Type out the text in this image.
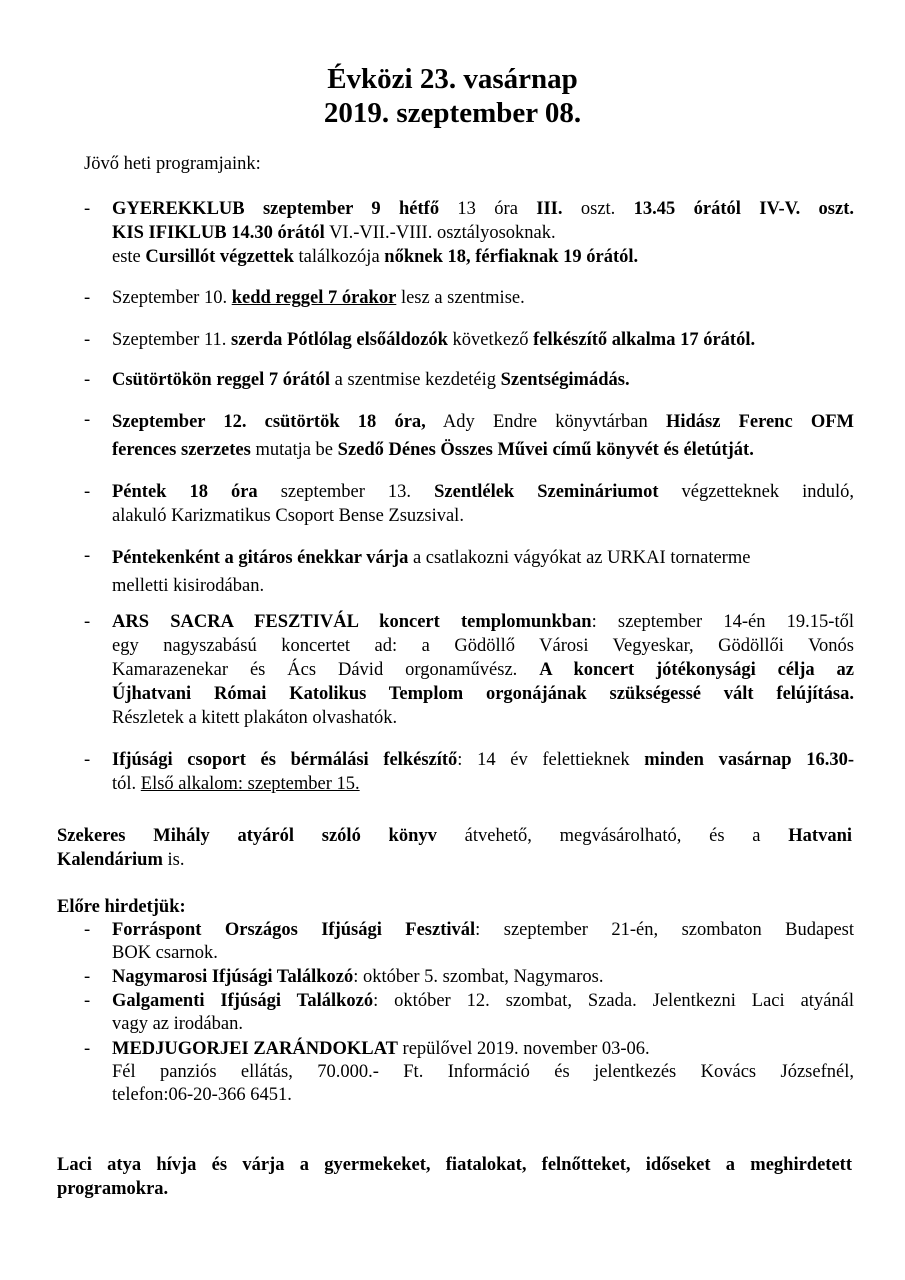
Évközi 23. vasárnap
2019. szeptember 08.
Jövő heti programjaink:
-	GYEREKKLUB szeptember 9 hétfő 13 óra III. oszt. 13.45 órától IV-V. oszt.
KIS IFIKLUB 14.30 órától VI.-VII.-VIII. osztályosoknak.
este Cursillót végzettek találkozója nőknek 18, férfiaknak 19 órától.
-	Szeptember 10. kedd reggel 7 órakor lesz a szentmise.
-	Szeptember 11. szerda Pótlólag elsőáldozók következő felkészítő alkalma 17 órától.
-	Csütörtökön reggel 7 órától a szentmise kezdetéig Szentségimádás.
-	Szeptember 12. csütörtök 18 óra, Ady Endre könyvtárban Hidász Ferenc OFM
ferences szerzetes mutatja be Szedő Dénes Összes Művei című könyvét és életútját.
-	Péntek 18 óra szeptember 13. Szentlélek Szemináriumot végzetteknek induló,
alakuló Karizmatikus Csoport Bense Zsuzsival.
-	Péntekenként a gitáros énekkar várja a csatlakozni vágyókat az URKAI tornaterme
melletti kisirodában.
-	ARS SACRA FESZTIVÁL koncert templomunkban: szeptember 14-én 19.15-től
egy nagyszabású koncertet ad: a Gödöllő Városi Vegyeskar, Gödöllői Vonós
Kamarazenekar és Ács Dávid orgonaművész. A koncert jótékonysági célja az
Újhatvani Római Katolikus Templom orgonájának szükségessé vált felújítása.
Részletek a kitett plakáton olvashatók.
-	Ifjúsági csoport és bérmálási felkészítő: 14 év felettieknek minden vasárnap 16.30-
tól. Első alkalom: szeptember 15.
Szekeres Mihály atyáról szóló könyv átvehető, megvásárolható, és a Hatvani
Kalendárium is.
Előre hirdetjük:
-	Forráspont Országos Ifjúsági Fesztivál: szeptember 21-én, szombaton Budapest
BOK csarnok.
-	Nagymarosi Ifjúsági Találkozó: október 5. szombat, Nagymaros.
-	Galgamenti Ifjúsági Találkozó: október 12. szombat, Szada. Jelentkezni Laci atyánál
vagy az irodában.
-	MEDJUGORJEI ZARÁNDOKLAT repülővel 2019. november 03-06.
Fél panziós ellátás, 70.000.- Ft. Információ és jelentkezés Kovács Józsefnél,
telefon:06-20-366 6451.
Laci atya hívja és várja a gyermekeket, fiatalokat, felnőtteket, időseket a meghirdetett
programokra.
